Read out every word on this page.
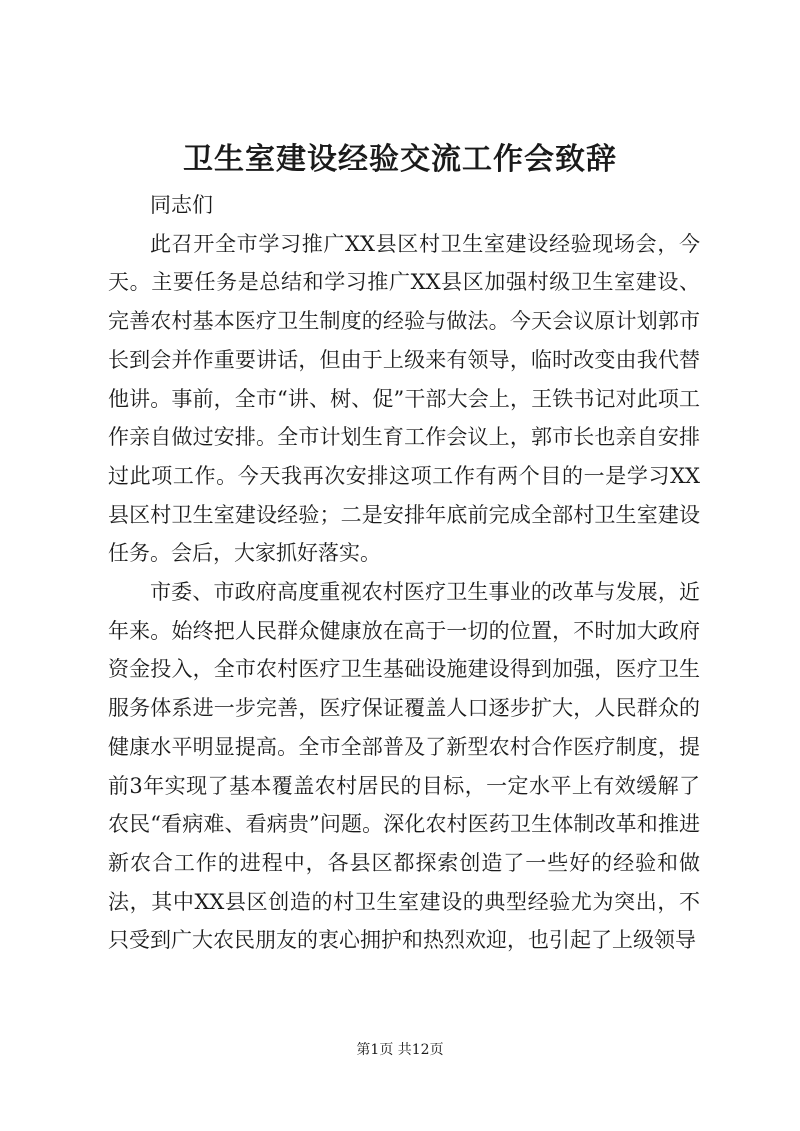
卫生室建设经验交流工作会致辞

同志们

此召开全市学习推广XX县区村卫生室建设经验现场会，今天。主要任务是总结和学习推广XX县区加强村级卫生室建设、完善农村基本医疗卫生制度的经验与做法。今天会议原计划郭市长到会并作重要讲话，但由于上级来有领导，临时改变由我代替他讲。事前，全市“讲、树、促”干部大会上，王铁书记对此项工作亲自做过安排。全市计划生育工作会议上，郭市长也亲自安排过此项工作。今天我再次安排这项工作有两个目的一是学习XX县区村卫生室建设经验；二是安排年底前完成全部村卫生室建设任务。会后，大家抓好落实。

市委、市政府高度重视农村医疗卫生事业的改革与发展，近年来。始终把人民群众健康放在高于一切的位置，不时加大政府资金投入，全市农村医疗卫生基础设施建设得到加强，医疗卫生服务体系进一步完善，医疗保证覆盖人口逐步扩大，人民群众的健康水平明显提高。全市全部普及了新型农村合作医疗制度，提前3年实现了基本覆盖农村居民的目标，一定水平上有效缓解了农民“看病难、看病贵”问题。深化农村医药卫生体制改革和推进新农合工作的进程中，各县区都探索创造了一些好的经验和做法，其中XX县区创造的村卫生室建设的典型经验尤为突出，不只受到广大农民朋友的衷心拥护和热烈欢迎，也引起了上级领导

第1页 共12页
